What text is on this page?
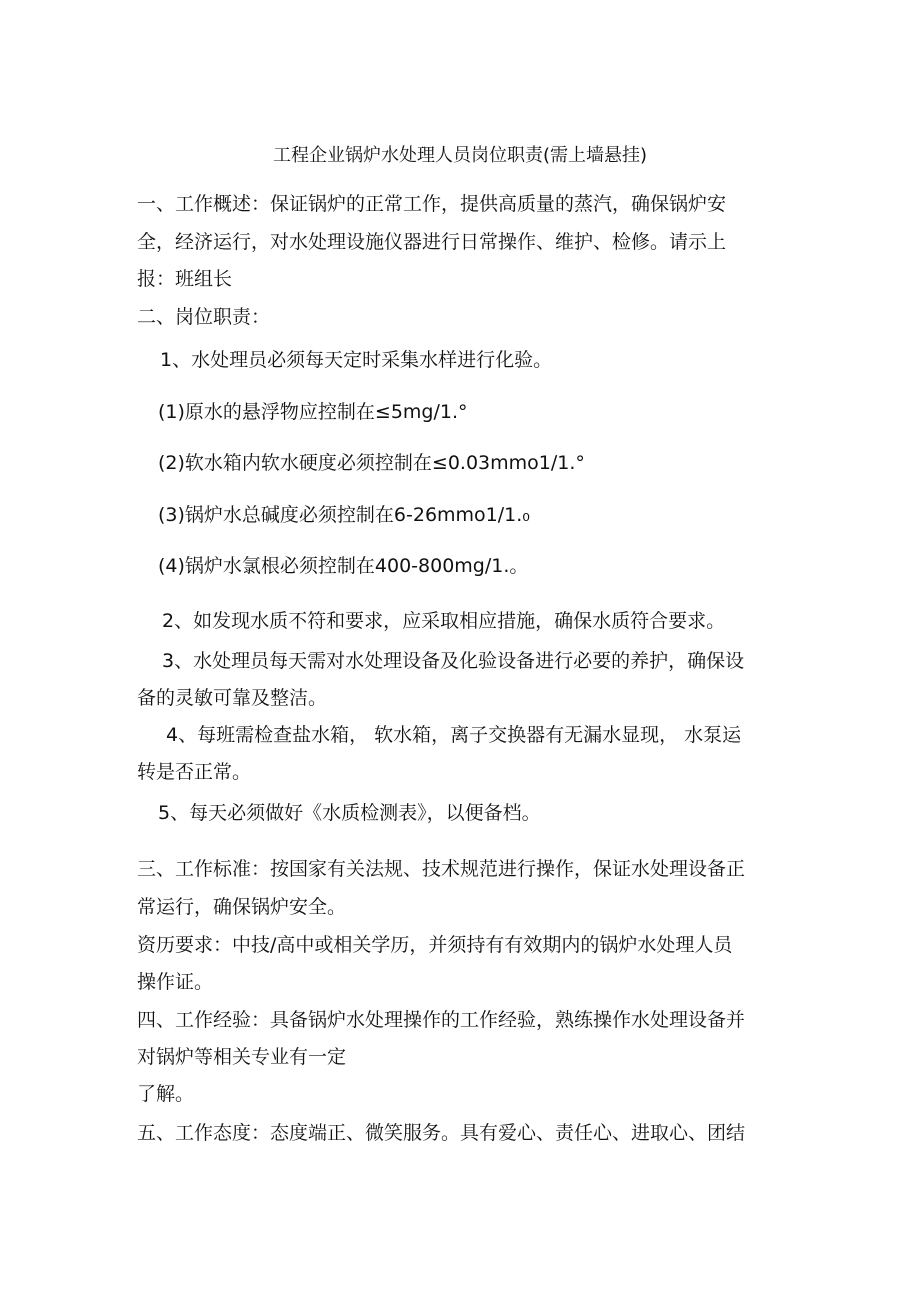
工程企业锅炉水处理人员岗位职责(需上墙悬挂)
一、工作概述：保证锅炉的正常工作，提供高质量的蒸汽，确保锅炉安
全，经济运行，对水处理设施仪器进行日常操作、维护、检修。请示上
报：班组长
二、岗位职责：
1、水处理员必须每天定时采集水样进行化验。
(1)原水的悬浮物应控制在≤5mg∕1.°
(2)软水箱内软水硬度必须控制在≤0.03mmo1∕1.°
(3)锅炉水总碱度必须控制在6-26mmo1∕1.₀
(4)锅炉水氯根必须控制在400-800mg∕1.。
2、如发现水质不符和要求，应采取相应措施，确保水质符合要求。
3、水处理员每天需对水处理设备及化验设备进行必要的养护，确保设
备的灵敏可靠及整洁。
4、每班需检查盐水箱， 软水箱，离子交换器有无漏水显现， 水泵运
转是否正常。
5、每天必须做好《水质检测表》，以便备档。
三、工作标准：按国家有关法规、技术规范进行操作，保证水处理设备正
常运行，确保锅炉安全。
资历要求：中技/高中或相关学历，并须持有有效期内的锅炉水处理人员
操作证。
四、工作经验：具备锅炉水处理操作的工作经验，熟练操作水处理设备并
对锅炉等相关专业有一定
了解。
五、工作态度：态度端正、微笑服务。具有爱心、责任心、进取心、团结
